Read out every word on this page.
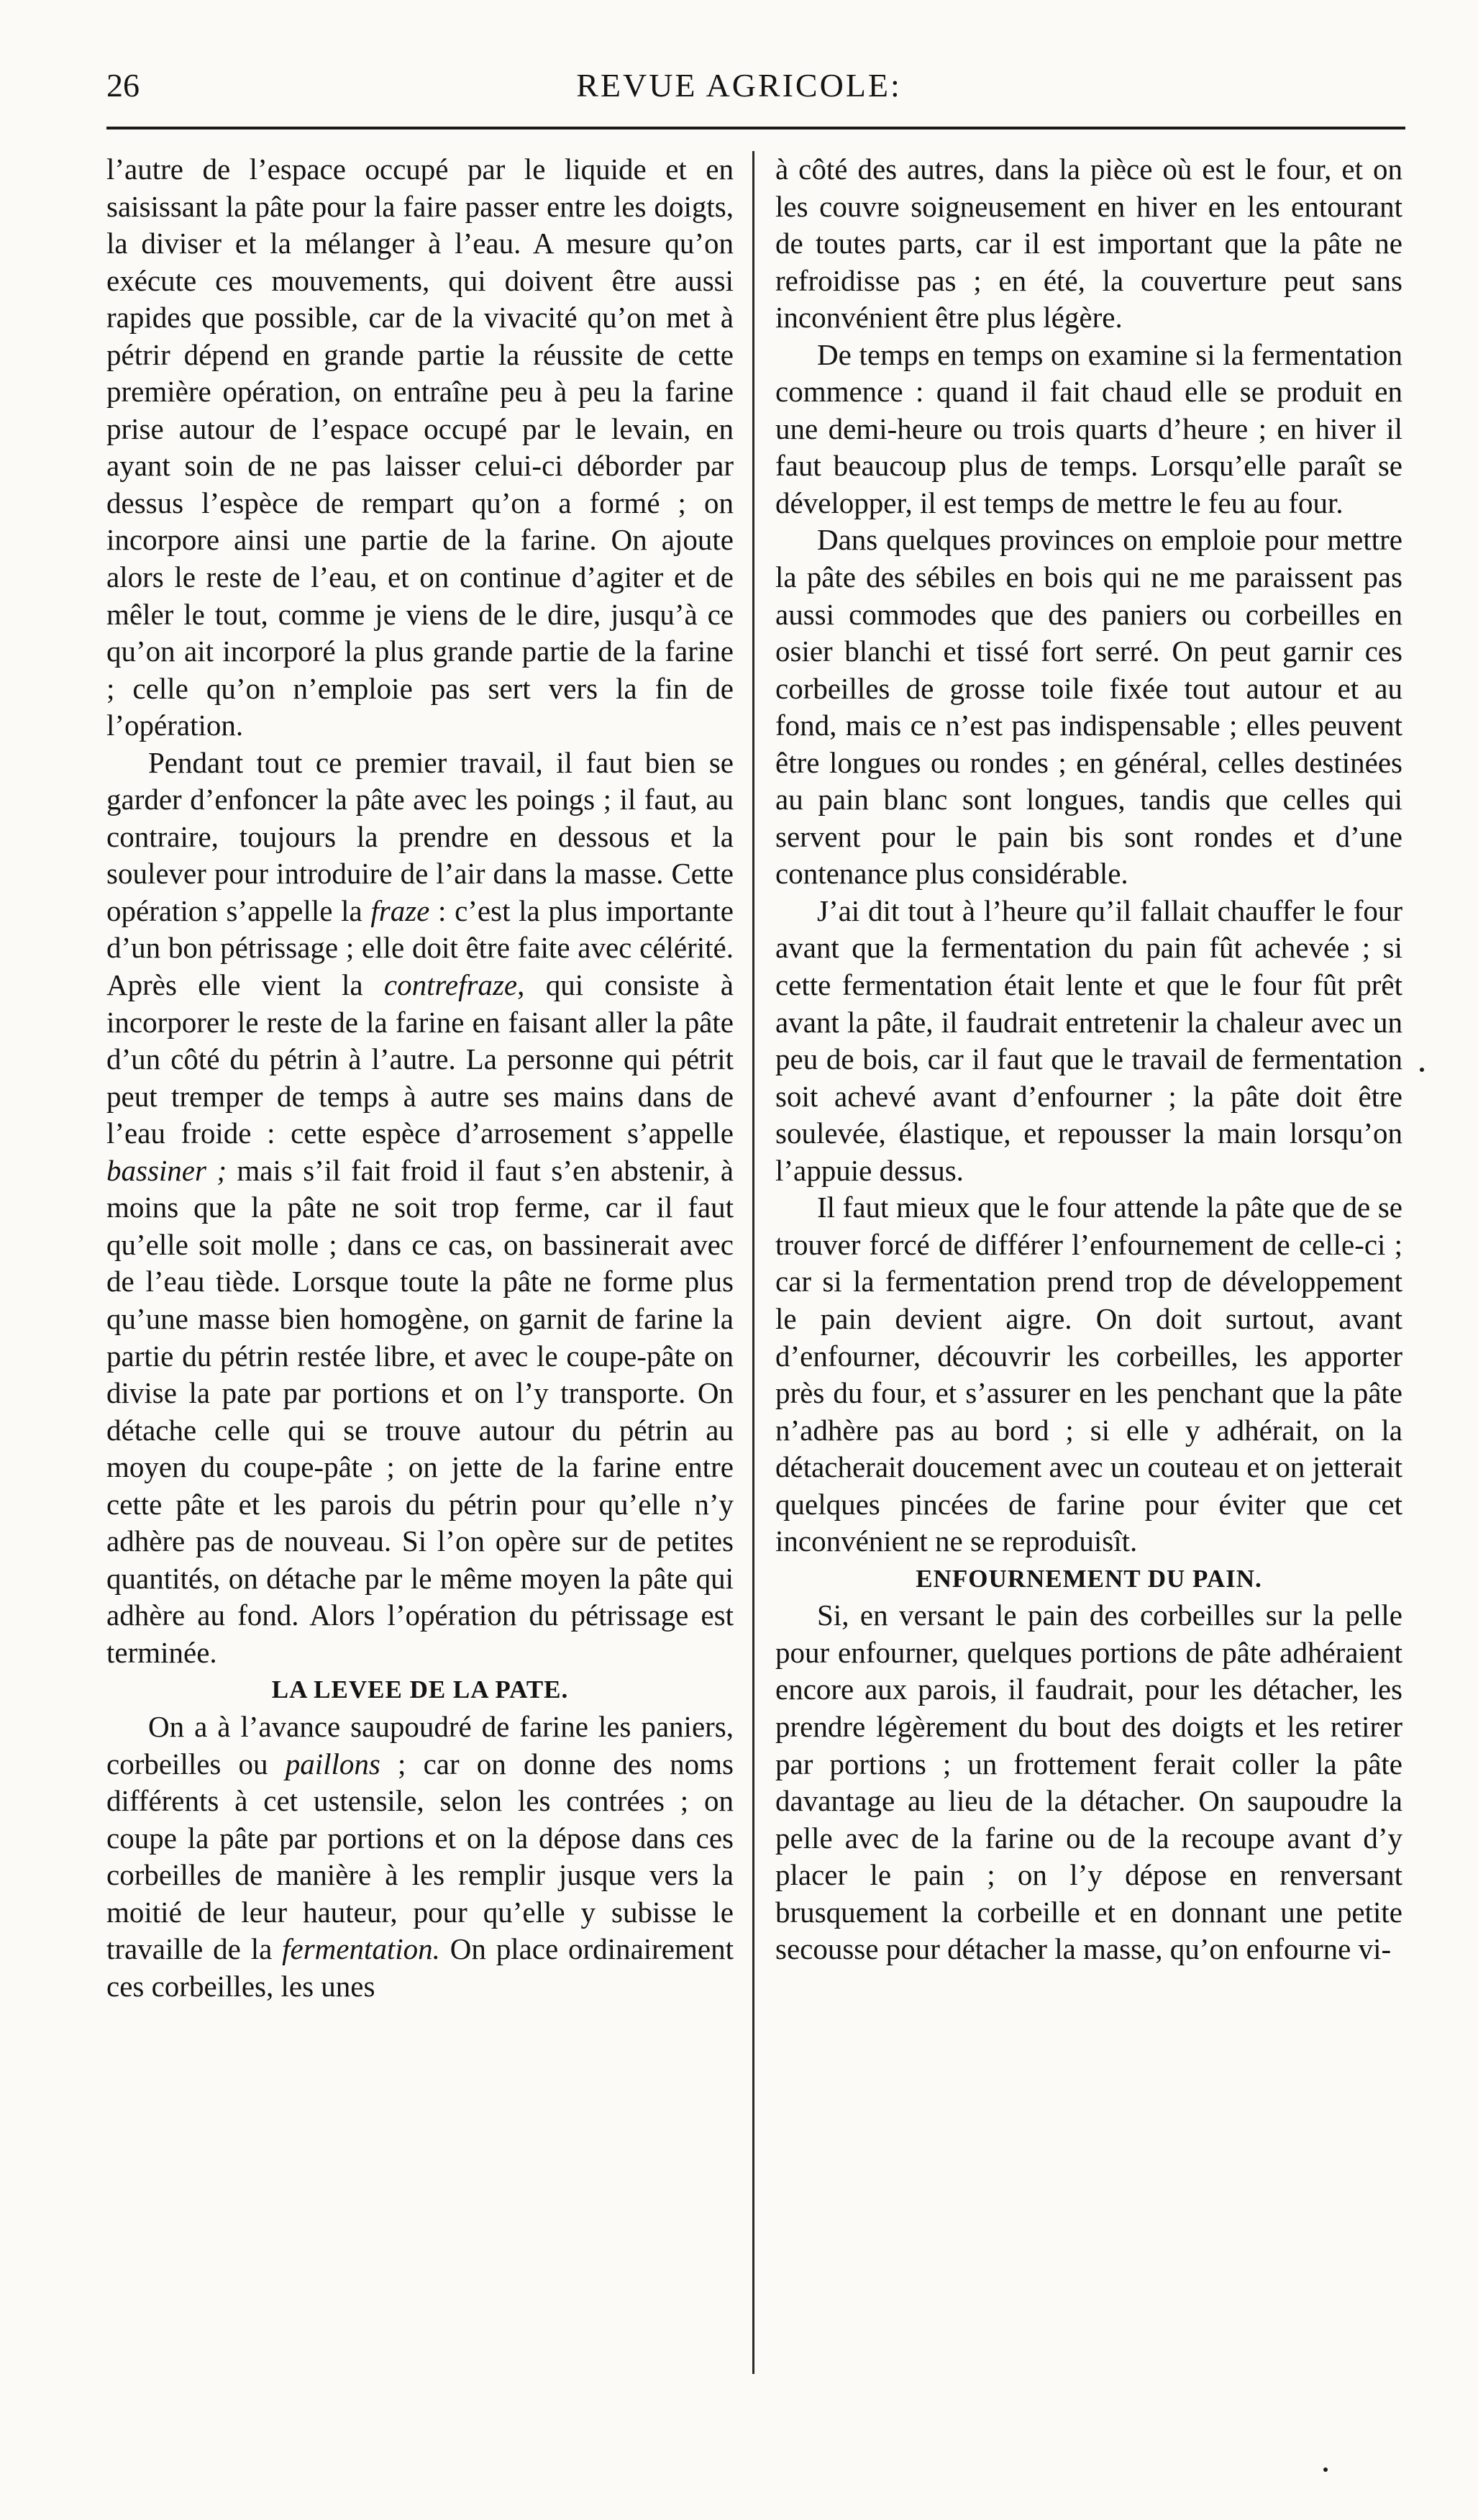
26	REVUE AGRICOLE:

l’autre de l’espace occupé par le liquide et en saisissant la pâte pour la faire passer entre les doigts, la diviser et la mélanger à l’eau. A mesure qu’on exécute ces mouvements, qui doivent être aussi rapides que possible, car de la vivacité qu’on met à pétrir dépend en grande partie la réussite de cette première opération, on entraîne peu à peu la farine prise autour de l’espace occupé par le levain, en ayant soin de ne pas laisser celui-ci déborder par dessus l’espèce de rempart qu’on a formé ; on incorpore ainsi une partie de la farine. On ajoute alors le reste de l’eau, et on continue d’agiter et de mêler le tout, comme je viens de le dire, jusqu’à ce qu’on ait incorporé la plus grande partie de la farine ; celle qu’on n’emploie pas sert vers la fin de l’opération.

Pendant tout ce premier travail, il faut bien se garder d’enfoncer la pâte avec les poings ; il faut, au contraire, toujours la prendre en dessous et la soulever pour introduire de l’air dans la masse. Cette opération s’appelle la fraze : c’est la plus importante d’un bon pétrissage ; elle doit être faite avec célérité. Après elle vient la contrefraze, qui consiste à incorporer le reste de la farine en faisant aller la pâte d’un côté du pétrin à l’autre. La personne qui pétrit peut tremper de temps à autre ses mains dans de l’eau froide : cette espèce d’arrosement s’appelle bassiner ; mais s’il fait froid il faut s’en abstenir, à moins que la pâte ne soit trop ferme, car il faut qu’elle soit molle ; dans ce cas, on bassinerait avec de l’eau tiède. Lorsque toute la pâte ne forme plus qu’une masse bien homogène, on garnit de farine la partie du pétrin restée libre, et avec le coupe-pâte on divise la pate par portions et on l’y transporte. On détache celle qui se trouve autour du pétrin au moyen du coupe-pâte ; on jette de la farine entre cette pâte et les parois du pétrin pour qu’elle n’y adhère pas de nouveau. Si l’on opère sur de petites quantités, on détache par le même moyen la pâte qui adhère au fond. Alors l’opération du pétrissage est terminée.

LA LEVEE DE LA PATE.

On a à l’avance saupoudré de farine les paniers, corbeilles ou paillons ; car on donne des noms différents à cet ustensile, selon les contrées ; on coupe la pâte par portions et on la dépose dans ces corbeilles de manière à les remplir jusque vers la moitié de leur hauteur, pour qu’elle y subisse le travaille de la fermentation. On place ordinairement ces corbeilles, les unes

à côté des autres, dans la pièce où est le four, et on les couvre soigneusement en hiver en les entourant de toutes parts, car il est important que la pâte ne refroidisse pas ; en été, la couverture peut sans inconvénient être plus légère.

De temps en temps on examine si la fermentation commence : quand il fait chaud elle se produit en une demi-heure ou trois quarts d’heure ; en hiver il faut beaucoup plus de temps. Lorsqu’elle paraît se développer, il est temps de mettre le feu au four.

Dans quelques provinces on emploie pour mettre la pâte des sébiles en bois qui ne me paraissent pas aussi commodes que des paniers ou corbeilles en osier blanchi et tissé fort serré. On peut garnir ces corbeilles de grosse toile fixée tout autour et au fond, mais ce n’est pas indispensable ; elles peuvent être longues ou rondes ; en général, celles destinées au pain blanc sont longues, tandis que celles qui servent pour le pain bis sont rondes et d’une contenance plus considérable.

J’ai dit tout à l’heure qu’il fallait chauffer le four avant que la fermentation du pain fût achevée ; si cette fermentation était lente et que le four fût prêt avant la pâte, il faudrait entretenir la chaleur avec un peu de bois, car il faut que le travail de fermentation soit achevé avant d’enfourner ; la pâte doit être soulevée, élastique, et repousser la main lorsqu’on l’appuie dessus.

Il faut mieux que le four attende la pâte que de se trouver forcé de différer l’enfournement de celle-ci ; car si la fermentation prend trop de développement le pain devient aigre. On doit surtout, avant d’enfourner, découvrir les corbeilles, les apporter près du four, et s’assurer en les penchant que la pâte n’adhère pas au bord ; si elle y adhérait, on la détacherait doucement avec un couteau et on jetterait quelques pincées de farine pour éviter que cet inconvénient ne se reproduisît.

ENFOURNEMENT DU PAIN.

Si, en versant le pain des corbeilles sur la pelle pour enfourner, quelques portions de pâte adhéraient encore aux parois, il faudrait, pour les détacher, les prendre légèrement du bout des doigts et les retirer par portions ; un frottement ferait coller la pâte davantage au lieu de la détacher. On saupoudre la pelle avec de la farine ou de la recoupe avant d’y placer le pain ; on l’y dépose en renversant brusquement la corbeille et en donnant une petite secousse pour détacher la masse, qu’on enfourne vi-
